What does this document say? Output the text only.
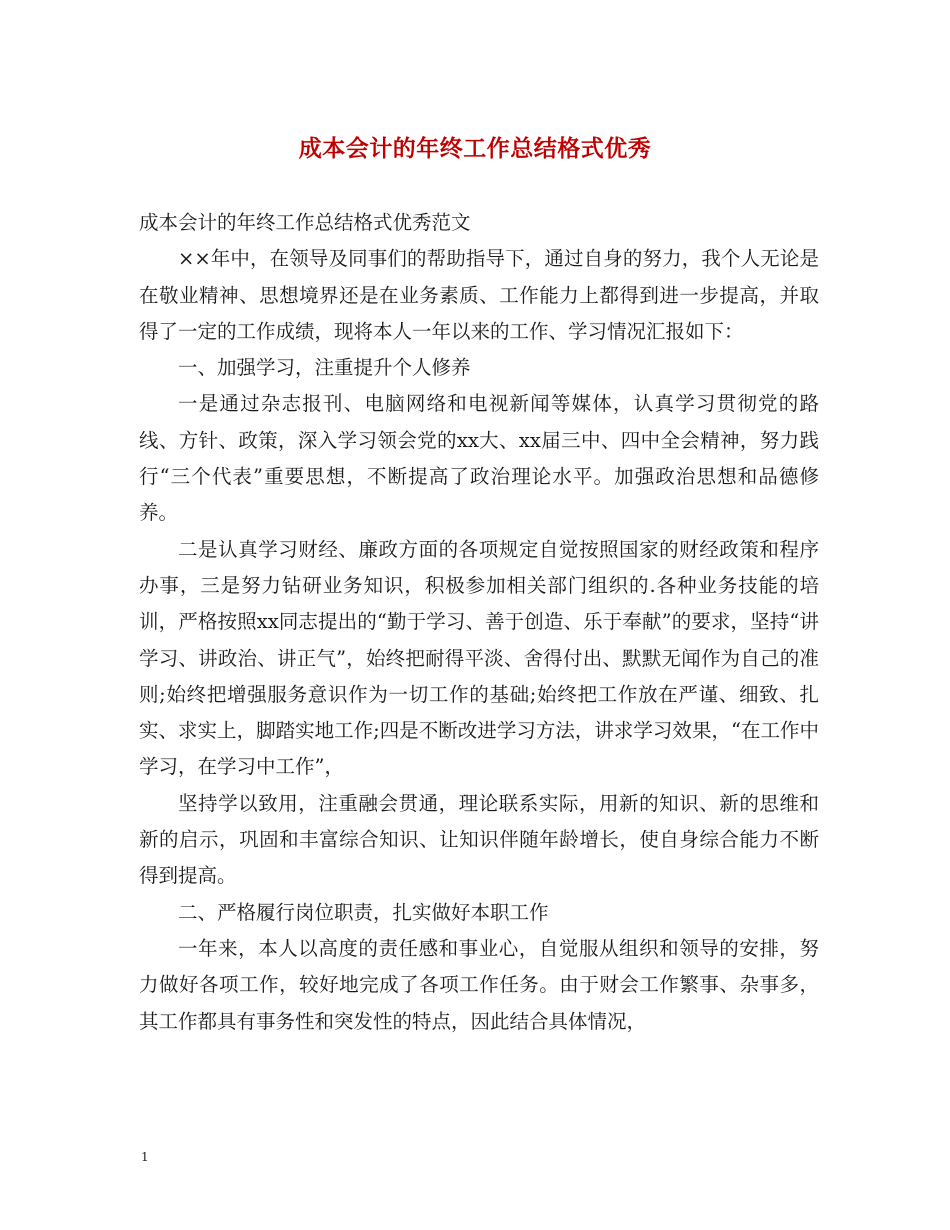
成本会计的年终工作总结格式优秀

成本会计的年终工作总结格式优秀范文

××年中，在领导及同事们的帮助指导下，通过自身的努力，我个人无论是在敬业精神、思想境界还是在业务素质、工作能力上都得到进一步提高，并取得了一定的工作成绩，现将本人一年以来的工作、学习情况汇报如下：

一、加强学习，注重提升个人修养

一是通过杂志报刊、电脑网络和电视新闻等媒体，认真学习贯彻党的路线、方针、政策，深入学习领会党的xx大、xx届三中、四中全会精神，努力践行“三个代表”重要思想，不断提高了政治理论水平。加强政治思想和品德修养。

二是认真学习财经、廉政方面的各项规定自觉按照国家的财经政策和程序办事，三是努力钻研业务知识，积极参加相关部门组织的.各种业务技能的培训，严格按照xx同志提出的“勤于学习、善于创造、乐于奉献”的要求，坚持“讲学习、讲政治、讲正气”，始终把耐得平淡、舍得付出、默默无闻作为自己的准则;始终把增强服务意识作为一切工作的基础;始终把工作放在严谨、细致、扎实、求实上，脚踏实地工作;四是不断改进学习方法，讲求学习效果，“在工作中学习，在学习中工作”，

坚持学以致用，注重融会贯通，理论联系实际，用新的知识、新的思维和新的启示，巩固和丰富综合知识、让知识伴随年龄增长，使自身综合能力不断得到提高。

二、严格履行岗位职责，扎实做好本职工作

一年来，本人以高度的责任感和事业心，自觉服从组织和领导的安排，努力做好各项工作，较好地完成了各项工作任务。由于财会工作繁事、杂事多，其工作都具有事务性和突发性的特点，因此结合具体情况，

1
